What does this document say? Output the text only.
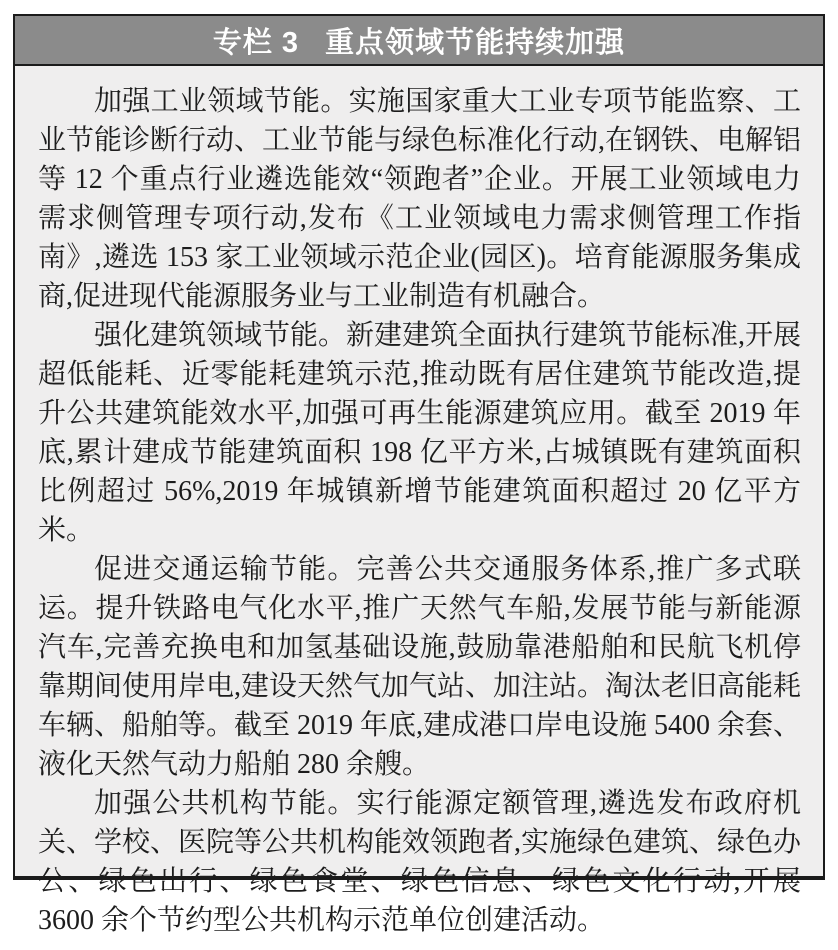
专栏 3 重点领域节能持续加强

加强工业领域节能。实施国家重大工业专项节能监察、工业节能诊断行动、工业节能与绿色标准化行动,在钢铁、电解铝等 12 个重点行业遴选能效“领跑者”企业。开展工业领域电力需求侧管理专项行动,发布《工业领域电力需求侧管理工作指南》,遴选 153 家工业领域示范企业(园区)。培育能源服务集成商,促进现代能源服务业与工业制造有机融合。

强化建筑领域节能。新建建筑全面执行建筑节能标准,开展超低能耗、近零能耗建筑示范,推动既有居住建筑节能改造,提升公共建筑能效水平,加强可再生能源建筑应用。截至 2019 年底,累计建成节能建筑面积 198 亿平方米,占城镇既有建筑面积比例超过 56%,2019 年城镇新增节能建筑面积超过 20 亿平方米。

促进交通运输节能。完善公共交通服务体系,推广多式联运。提升铁路电气化水平,推广天然气车船,发展节能与新能源汽车,完善充换电和加氢基础设施,鼓励靠港船舶和民航飞机停靠期间使用岸电,建设天然气加气站、加注站。淘汰老旧高能耗车辆、船舶等。截至 2019 年底,建成港口岸电设施 5400 余套、液化天然气动力船舶 280 余艘。

加强公共机构节能。实行能源定额管理,遴选发布政府机关、学校、医院等公共机构能效领跑者,实施绿色建筑、绿色办公、绿色出行、绿色食堂、绿色信息、绿色文化行动,开展 3600 余个节约型公共机构示范单位创建活动。
